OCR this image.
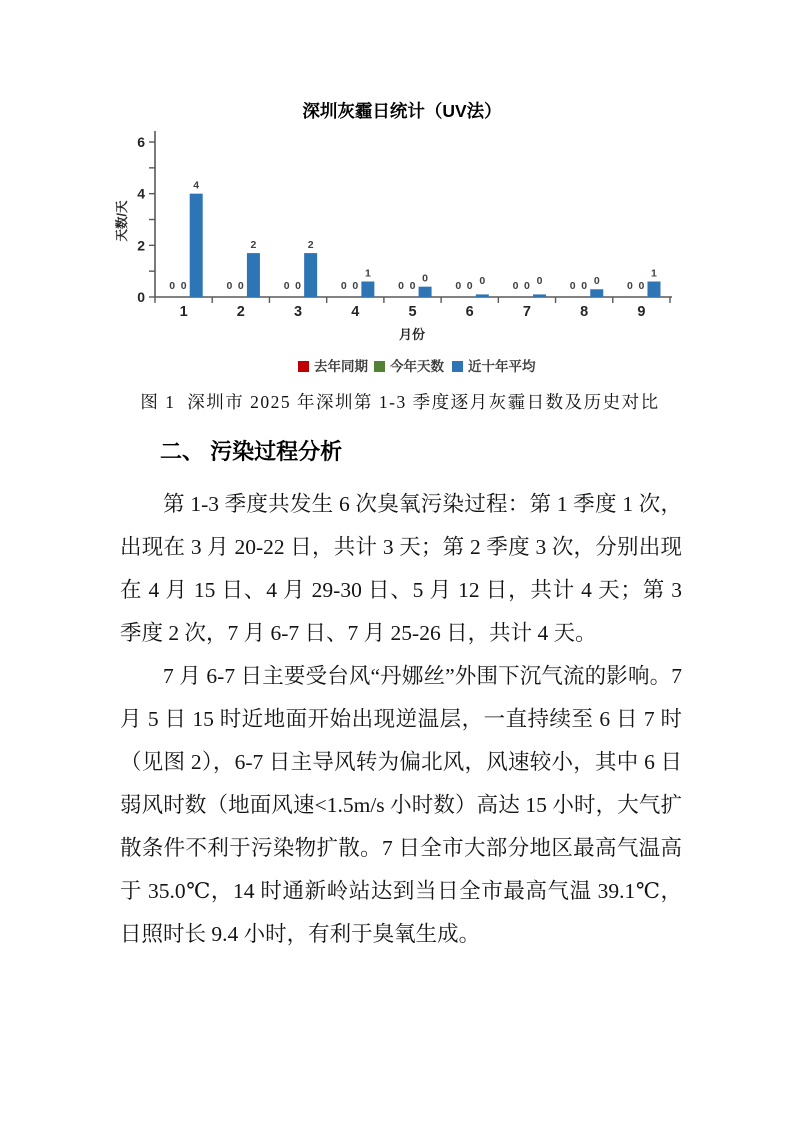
深圳灰霾日统计（UV法）
0
2
4
6
天数/天
1	2	3	4	5	6	7	8	9
月份
0	0	0	0	0	0	0	0	0
0	0	0	0	0	0	0	0	0
4
2	2
1	0	0	0	0
1
去年同期 今年天数 近十年平均
图 1  深圳市 2025 年深圳第 1-3 季度逐月灰霾日数及历史对比
二、 污染过程分析

第 1-3 季度共发生 6 次臭氧污染过程：第 1 季度 1 次，出现在 3 月 20-22 日，共计 3 天；第 2 季度 3 次，分别出现在 4 月 15 日、4 月 29-30 日、5 月 12 日，共计 4 天；第 3 季度 2 次，7 月 6-7 日、7 月 25-26 日，共计 4 天。

7 月 6-7 日主要受台风“丹娜丝”外围下沉气流的影响。7 月 5 日 15 时近地面开始出现逆温层，一直持续至 6 日 7 时（见图 2），6-7 日主导风转为偏北风，风速较小，其中 6 日弱风时数（地面风速<1.5m/s 小时数）高达 15 小时，大气扩散条件不利于污染物扩散。7 日全市大部分地区最高气温高于 35.0℃，14 时通新岭站达到当日全市最高气温 39.1℃，日照时长 9.4 小时，有利于臭氧生成。
